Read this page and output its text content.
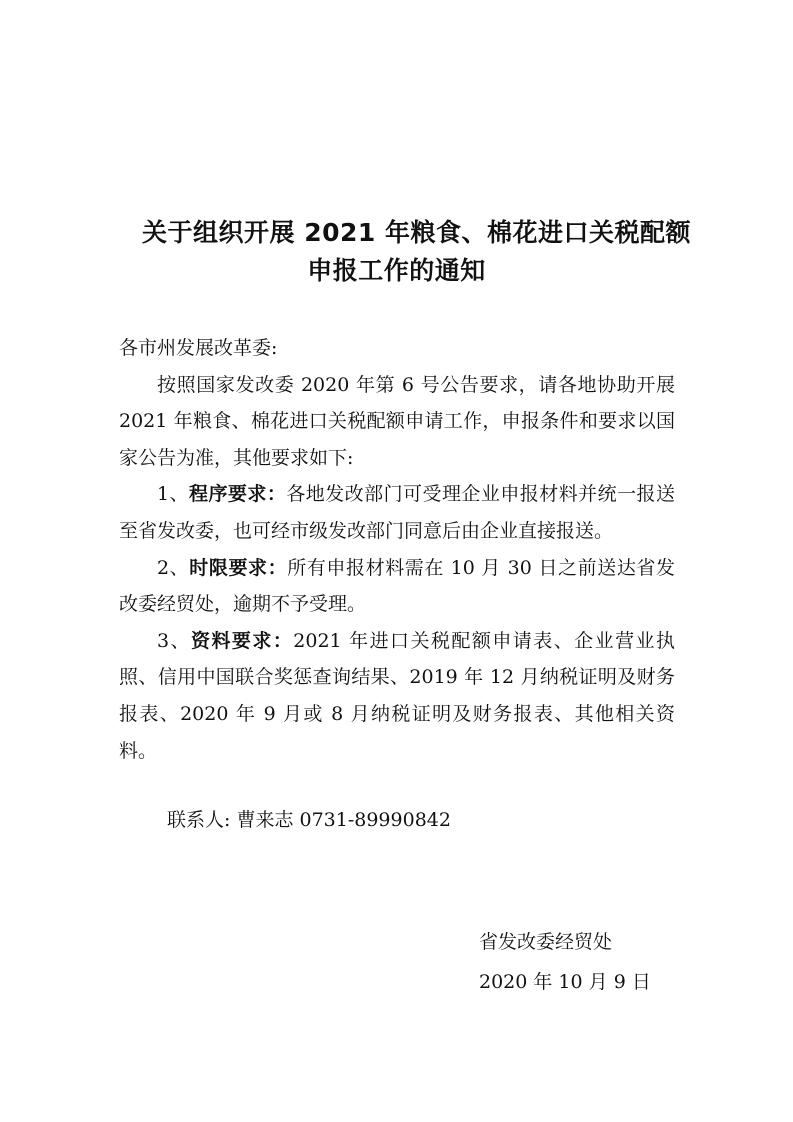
关于组织开展 2021 年粮食、棉花进口关税配额
申报工作的通知

各市州发展改革委:

按照国家发改委 2020 年第 6 号公告要求，请各地协助开展 2021 年粮食、棉花进口关税配额申请工作，申报条件和要求以国家公告为准，其他要求如下:

1、程序要求：各地发改部门可受理企业申报材料并统一报送至省发改委，也可经市级发改部门同意后由企业直接报送。

2、时限要求：所有申报材料需在 10 月 30 日之前送达省发改委经贸处，逾期不予受理。

3、资料要求：2021 年进口关税配额申请表、企业营业执照、信用中国联合奖惩查询结果、2019 年 12 月纳税证明及财务报表、2020 年 9 月或 8 月纳税证明及财务报表、其他相关资料。

联系人: 曹来志 0731-89990842

省发改委经贸处
2020 年 10 月 9 日
